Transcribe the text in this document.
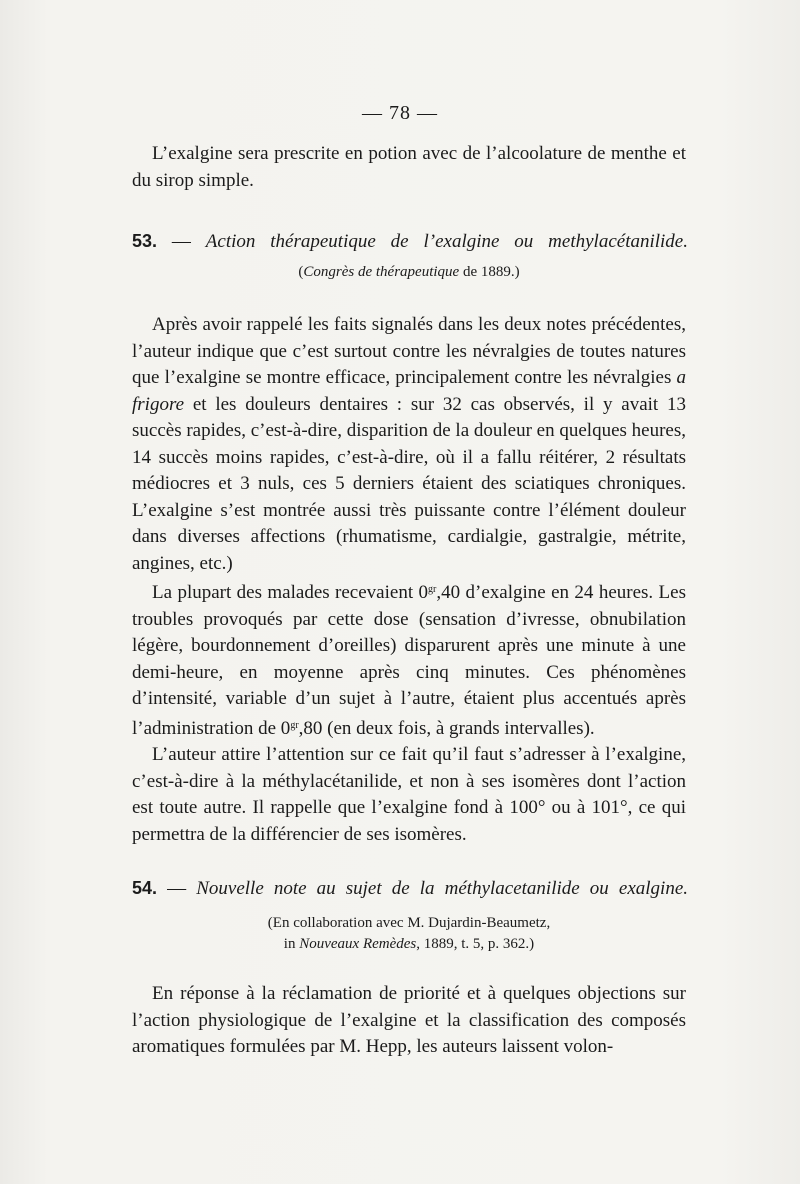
— 78 —

L’exalgine sera prescrite en potion avec de l’alcoolature de menthe et du sirop simple.

53. — Action thérapeutique de l’exalgine ou methylacétanilide.
(Congrès de thérapeutique de 1889.)

Après avoir rappelé les faits signalés dans les deux notes précédentes, l’auteur indique que c’est surtout contre les névralgies de toutes natures que l’exalgine se montre efficace, principalement contre les névralgies a frigore et les douleurs dentaires : sur 32 cas observés, il y avait 13 succès rapides, c’est-à-dire, disparition de la douleur en quelques heures, 14 succès moins rapides, c’est-à-dire, où il a fallu réitérer, 2 résultats médiocres et 3 nuls, ces 5 derniers étaient des sciatiques chroniques. L’exalgine s’est montrée aussi très puissante contre l’élément douleur dans diverses affections (rhumatisme, cardialgie, gastralgie, métrite, angines, etc.)

La plupart des malades recevaient $0^{gr},40$ d’exalgine en 24 heures. Les troubles provoqués par cette dose (sensation d’ivresse, obnubilation légère, bourdonnement d’oreilles) disparurent après une minute à une demi-heure, en moyenne après cinq minutes. Ces phénomènes d’intensité, variable d’un sujet à l’autre, étaient plus accentués après l’administration de $0^{gr},80$ (en deux fois, à grands intervalles).

L’auteur attire l’attention sur ce fait qu’il faut s’adresser à l’exalgine, c’est-à-dire à la méthylacétanilide, et non à ses isomères dont l’action est toute autre. Il rappelle que l’exalgine fond à 100° ou à 101°, ce qui permettra de la différencier de ses isomères.

54. — Nouvelle note au sujet de la méthylacetanilide ou exalgine.
(En collaboration avec M. Dujardin-Beaumetz,
in Nouveaux Remèdes, 1889, t. 5, p. 362.)

En réponse à la réclamation de priorité et à quelques objections sur l’action physiologique de l’exalgine et la classification des composés aromatiques formulées par M. Hepp, les auteurs laissent volon-
